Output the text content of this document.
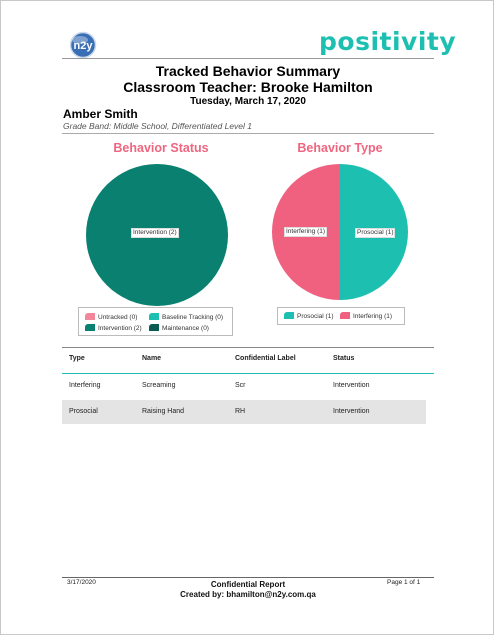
n2y	positivity
Tracked Behavior Summary
Classroom Teacher: Brooke Hamilton
Tuesday, March 17, 2020
Amber Smith
Grade Band: Middle School, Differentiated Level 1
Behavior Status	Behavior Type
Intervention (2)	Interfering (1)	Prosocial (1)
Untracked (0)	Baseline Tracking (0)
Intervention (2)	Maintenance (0)
Prosocial (1)	Interfering (1)
Type	Name	Confidential Label	Status
Interfering	Screaming	Scr	Intervention
Prosocial	Raising Hand	RH	Intervention
3/17/2020	Confidential Report
Created by: bhamilton@n2y.com.qa
Page 1 of 1
